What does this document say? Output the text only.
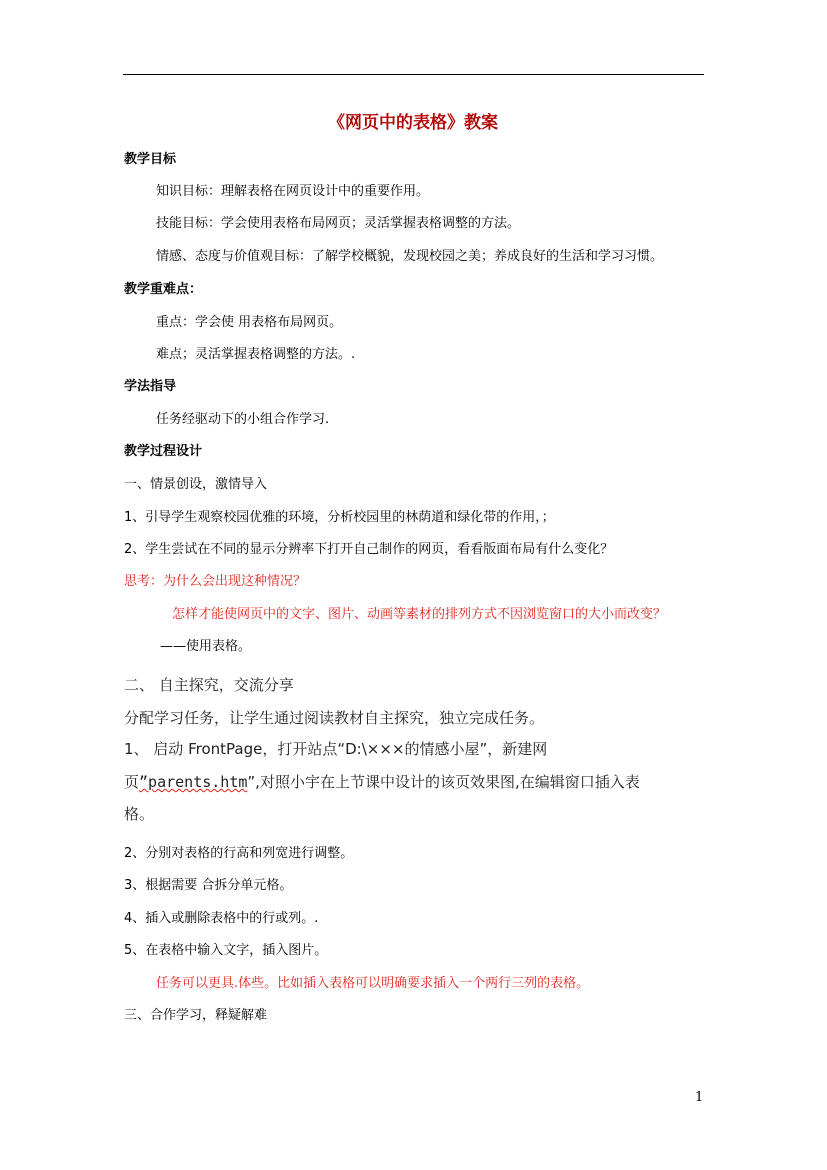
《网页中的表格》教案
教学目标
知识目标：理解表格在网页设计中的重要作用。
技能目标：学会使用表格布局网页；灵活掌握表格调整的方法。
情感、态度与价值观目标：了解学校概貌，发现校园之美；养成良好的生活和学习习惯。
教学重难点：
重点：学会使 用表格布局网页。
难点；灵活掌握表格调整的方法。.
学法指导
任务经驱动下的小组合作学习.
教学过程设计
一、情景创设，激情导入
1、引导学生观察校园优雅的环境，分析校园里的林荫道和绿化带的作用，；
2、学生尝试在不同的显示分辨率下打开自己制作的网页，看看版面布局有什么变化？
思考：为什么会出现这种情况？
怎样才能使网页中的文字、图片、动画等素材的排列方式不因浏览窗口的大小而改变？
——使用表格。
二、 自主探究，交流分享
分配学习任务，让学生通过阅读教材自主探究，独立完成任务。
1、 启动 FrontPage，打开站点“D:\×××的情感小屋”，新建网
页”parents.htm”,对照小宇在上节课中设计的该页效果图,在编辑窗口插入表
格。
2、分别对表格的行高和列宽进行调整。
3、根据需要 合拆分单元格。
4、插入或删除表格中的行或列。.
5、在表格中输入文字，插入图片。
任务可以更具.体些。比如插入表格可以明确要求插入一个两行三列的表格。
三、合作学习，释疑解难
1
